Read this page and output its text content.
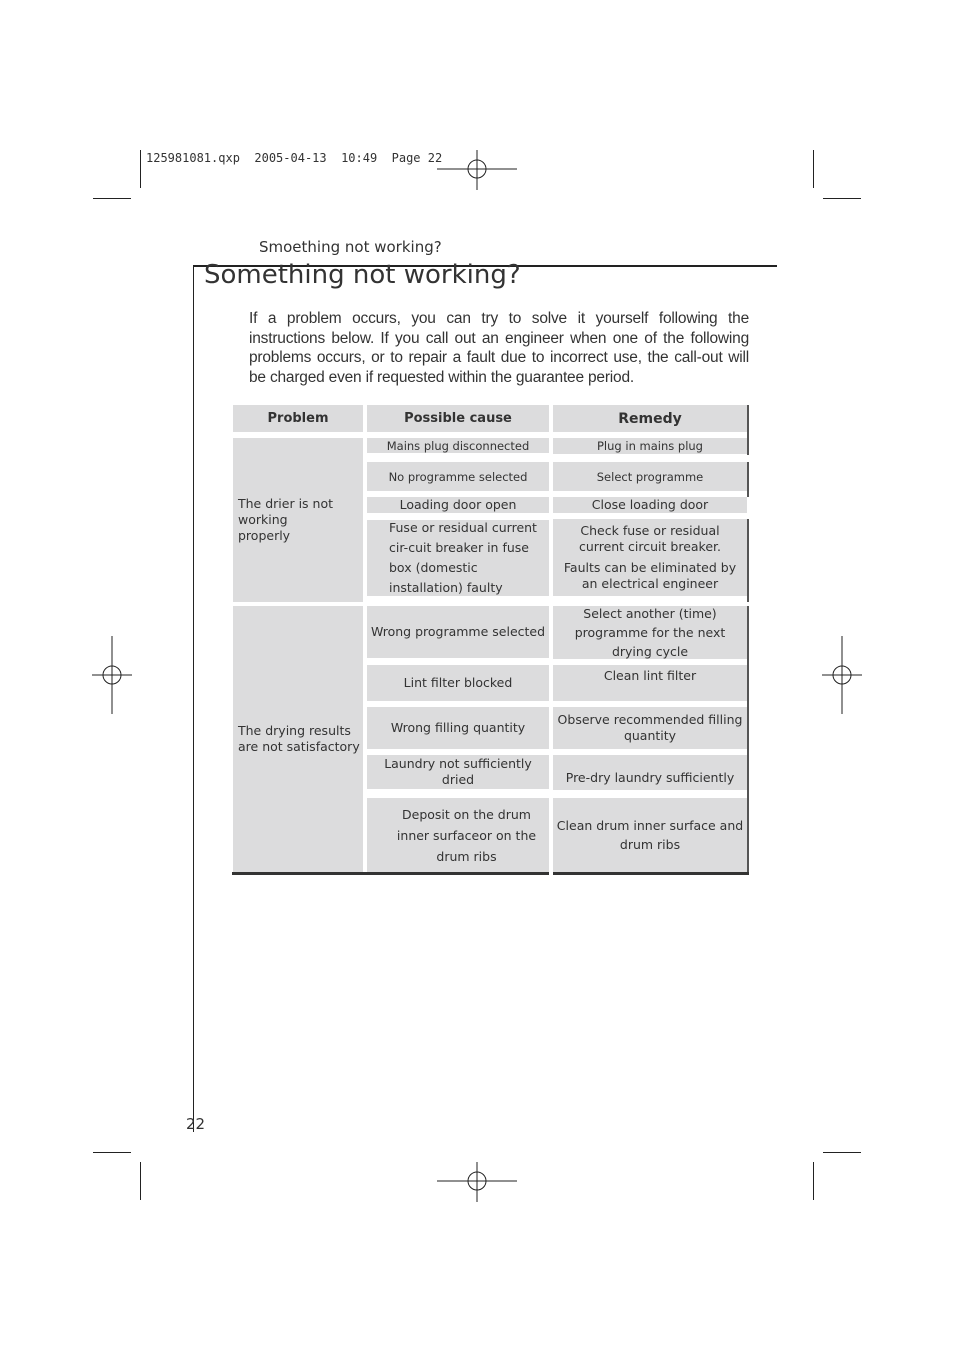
125981081.qxp  2005-04-13  10:49  Page 22
Smoething not working?
Something not working?
If a problem occurs, you can try to solve it yourself following the instructions below. If you call out an engineer when one of the following problems occurs, or to repair a fault due to incorrect use, the call-out will be charged even if requested within the guarantee period.
Problem	Possible cause	Remedy
The drier is not working properly
The drying results are not satisfactory
Mains plug disconnected
No programme selected
Loading door open
Fuse or residual current cir-cuit breaker in fuse box (domestic installation) faulty
Wrong programme selected
Lint filter blocked
Wrong filling quantity
Laundry not sufficiently dried
Deposit on the drum inner surfaceor on the drum ribs
Plug in mains plug
Select programme
Close loading door
Check fuse or residual current circuit breaker.
Faults can be eliminated by an electrical engineer
Select another (time) programme for the next drying cycle
Clean lint filter
Observe recommended filling quantity
Pre-dry laundry sufficiently
Clean drum inner surface and drum ribs
22
